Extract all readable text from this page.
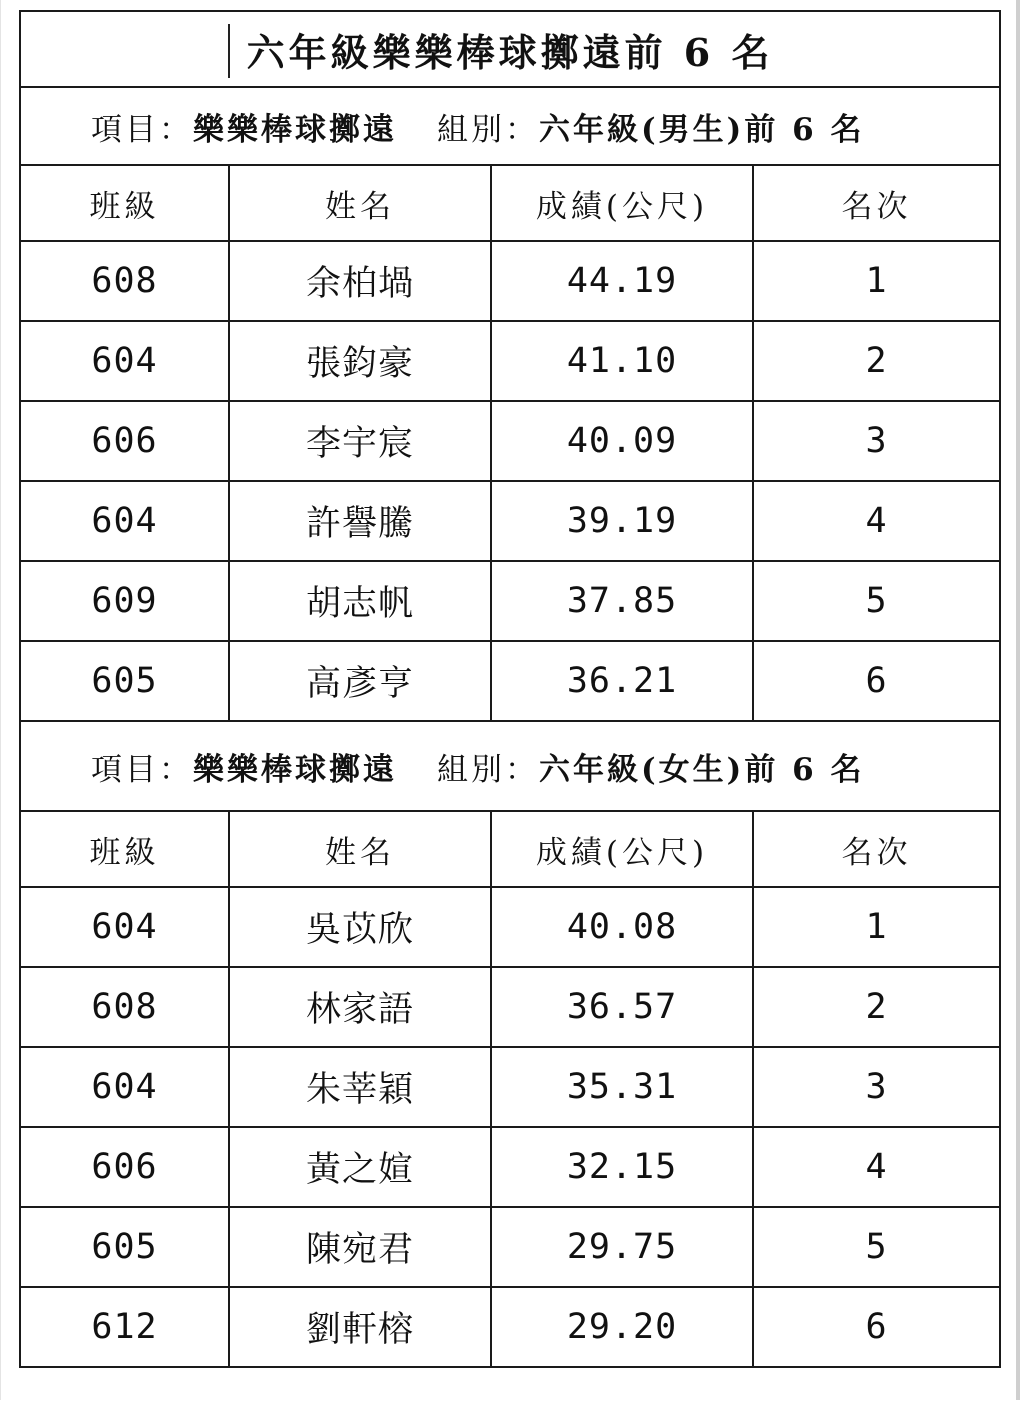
六年級樂樂棒球擲遠前 6 名			
項目：樂樂棒球擲遠 組別：六年級(男生)前 6 名			
班級	姓名	成績(公尺)	名次
608	余柏堝	44.19	1
604	張鈞豪	41.10	2
606	李宇宸	40.09	3
604	許譽騰	39.19	4
609	胡志帆	37.85	5
605	高彥亨	36.21	6
項目：樂樂棒球擲遠 組別：六年級(女生)前 6 名			
班級	姓名	成績(公尺)	名次
604	吳苡欣	40.08	1
608	林家語	36.57	2
604	朱莘穎	35.31	3
606	黃之媗	32.15	4
605	陳宛君	29.75	5
612	劉軒榕	29.20	6
